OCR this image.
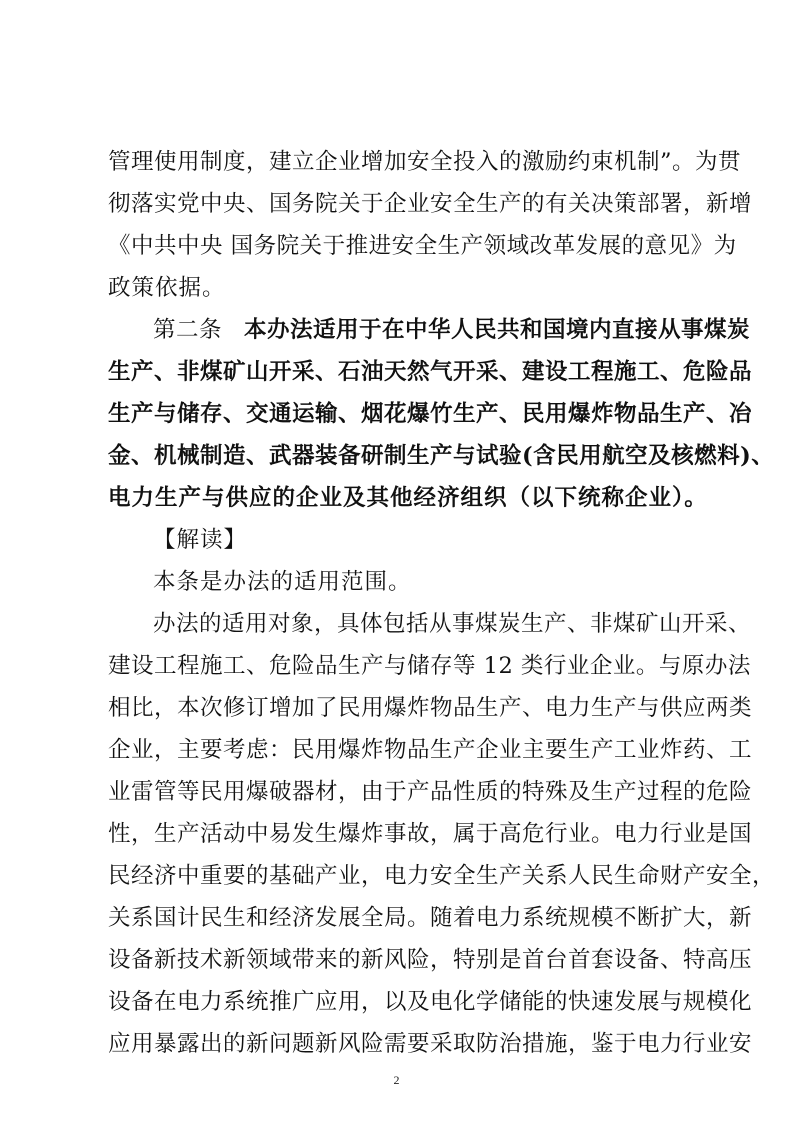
管理使用制度，建立企业增加安全投入的激励约束机制”。为贯
彻落实党中央、国务院关于企业安全生产的有关决策部署，新增
《中共中央 国务院关于推进安全生产领域改革发展的意见》为
政策依据。
第二条 本办法适用于在中华人民共和国境内直接从事煤炭
生产、非煤矿山开采、石油天然气开采、建设工程施工、危险品
生产与储存、交通运输、烟花爆竹生产、民用爆炸物品生产、冶
金、机械制造、武器装备研制生产与试验(含民用航空及核燃料)、
电力生产与供应的企业及其他经济组织（以下统称企业）。
【解读】
本条是办法的适用范围。
办法的适用对象，具体包括从事煤炭生产、非煤矿山开采、
建设工程施工、危险品生产与储存等 12 类行业企业。与原办法
相比，本次修订增加了民用爆炸物品生产、电力生产与供应两类
企业，主要考虑：民用爆炸物品生产企业主要生产工业炸药、工
业雷管等民用爆破器材，由于产品性质的特殊及生产过程的危险
性，生产活动中易发生爆炸事故，属于高危行业。电力行业是国
民经济中重要的基础产业，电力安全生产关系人民生命财产安全，
关系国计民生和经济发展全局。随着电力系统规模不断扩大，新
设备新技术新领域带来的新风险，特别是首台首套设备、特高压
设备在电力系统推广应用，以及电化学储能的快速发展与规模化
应用暴露出的新问题新风险需要采取防治措施，鉴于电力行业安
2
